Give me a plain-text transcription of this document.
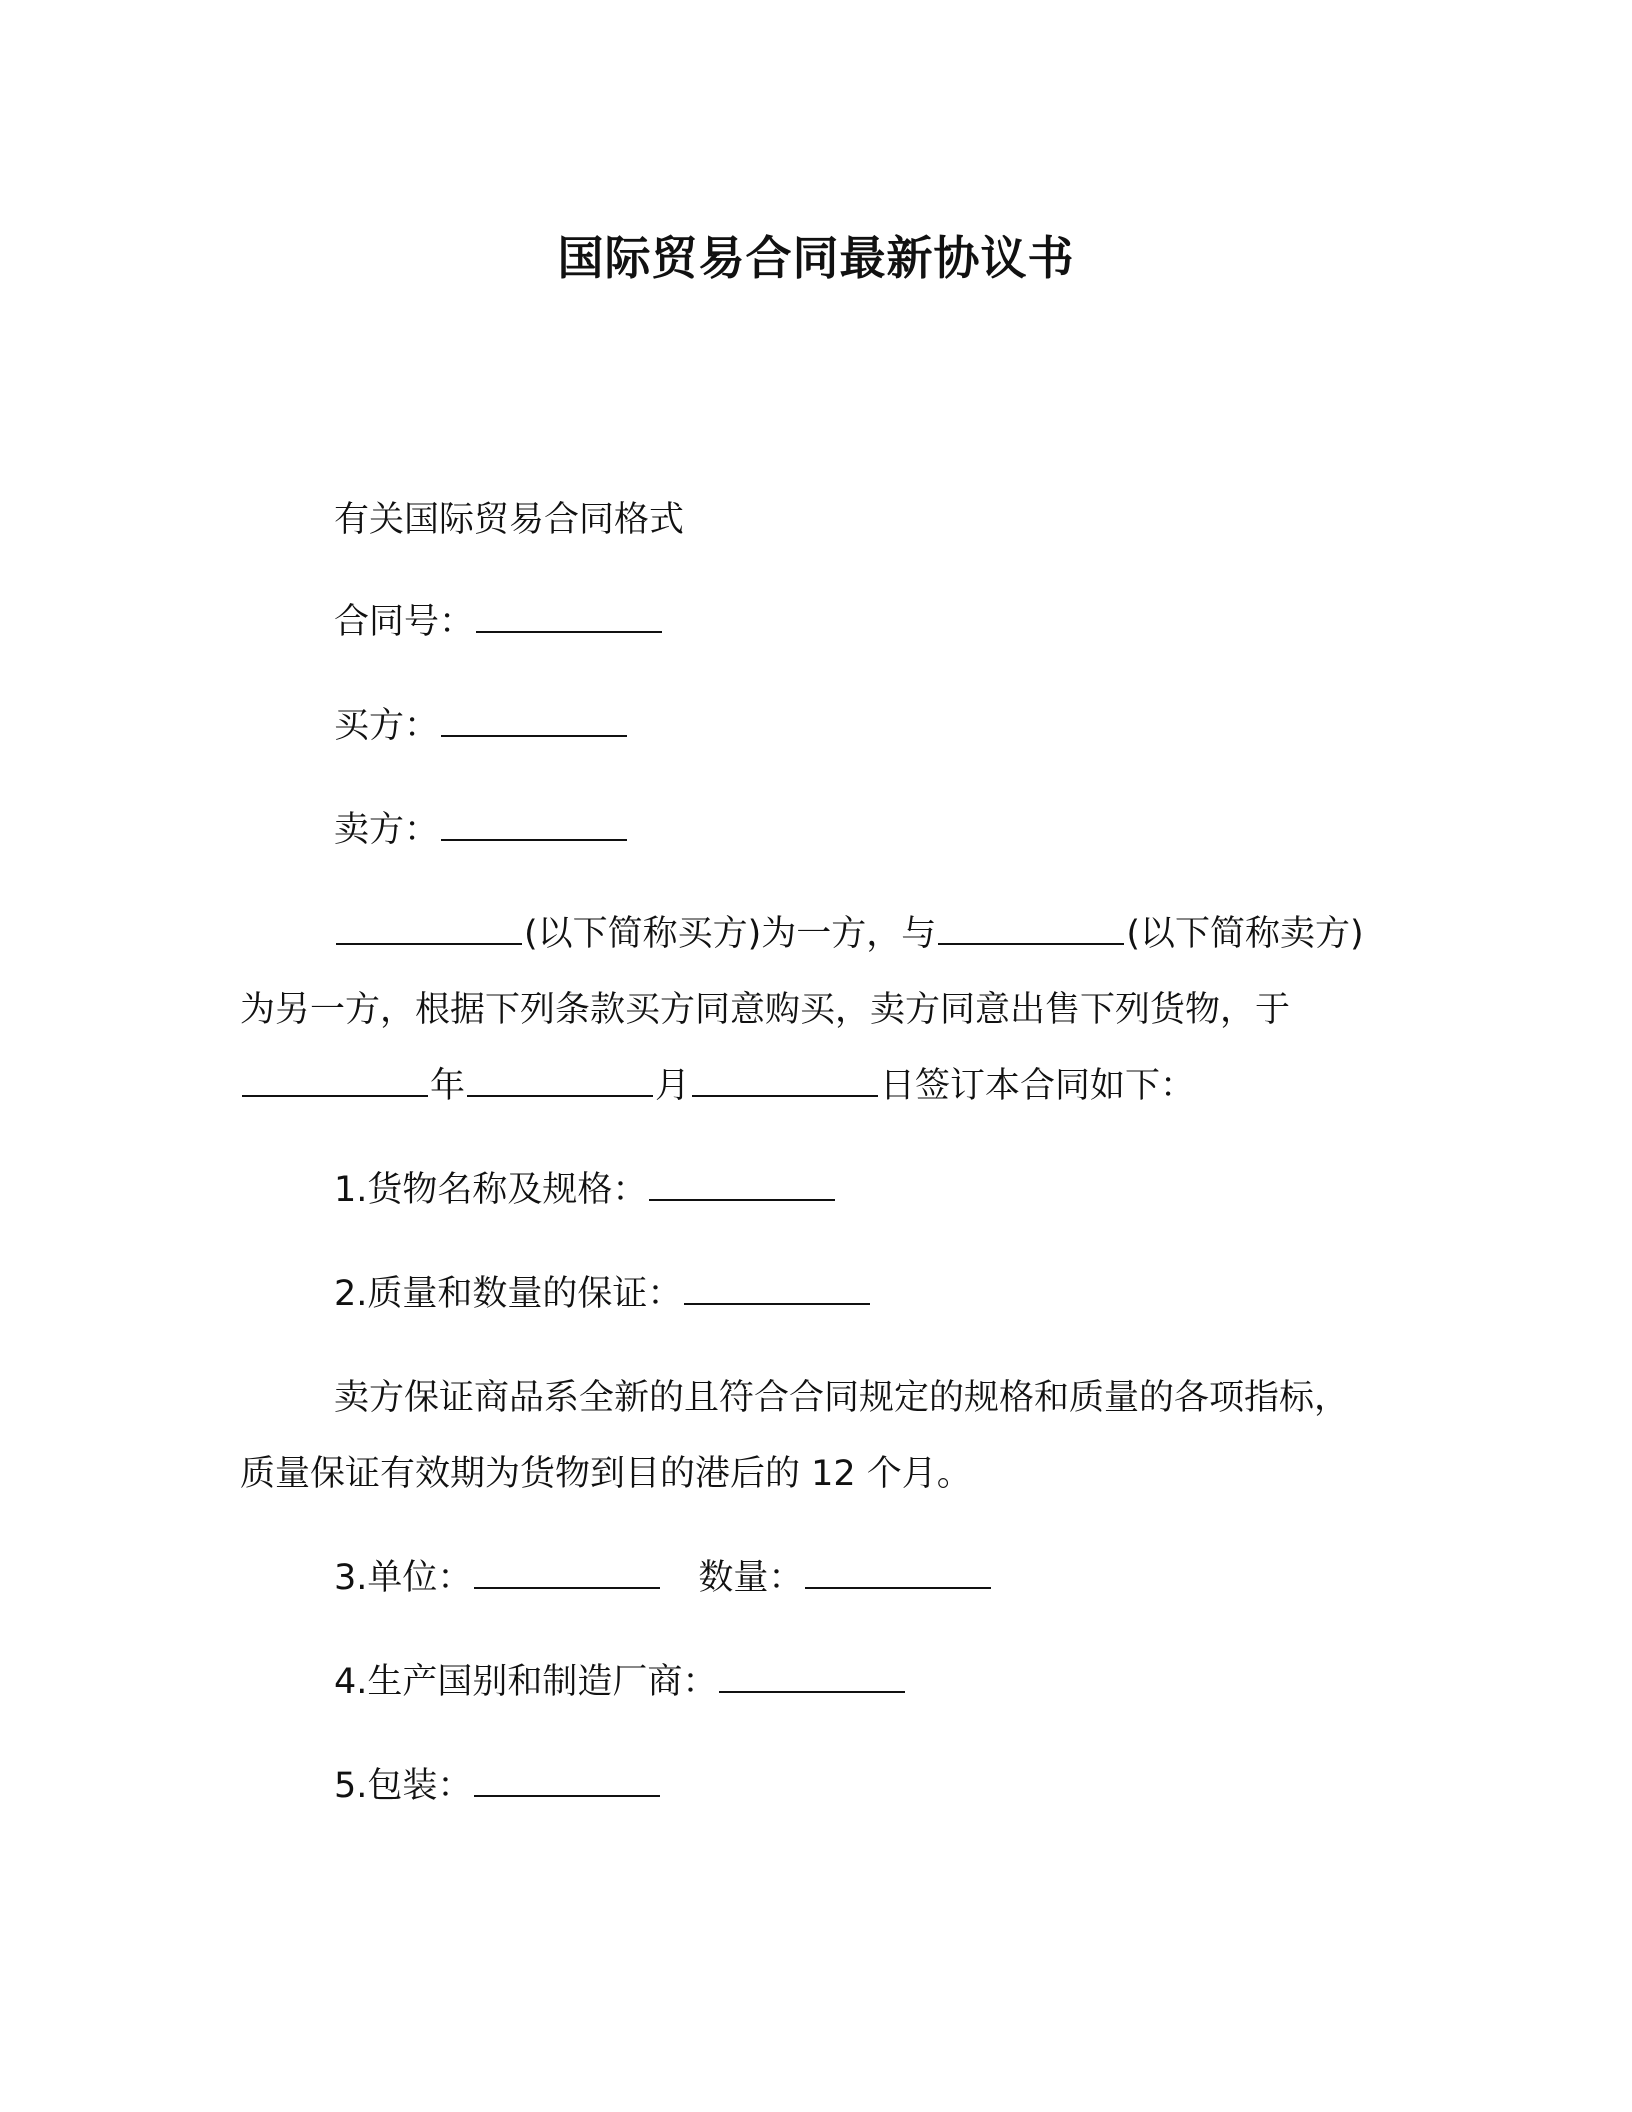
国际贸易合同最新协议书
有关国际贸易合同格式
合同号：
买方：
卖方：
(以下简称买方)为一方，与	(以下简称卖方)
为另一方，根据下列条款买方同意购买，卖方同意出售下列货物，于
年	月	日签订本合同如下：
1.货物名称及规格：
2.质量和数量的保证：
卖方保证商品系全新的且符合合同规定的规格和质量的各项指标，
质量保证有效期为货物到目的港后的 12 个月。
3.单位：	数量：
4.生产国别和制造厂商：
5.包装：
